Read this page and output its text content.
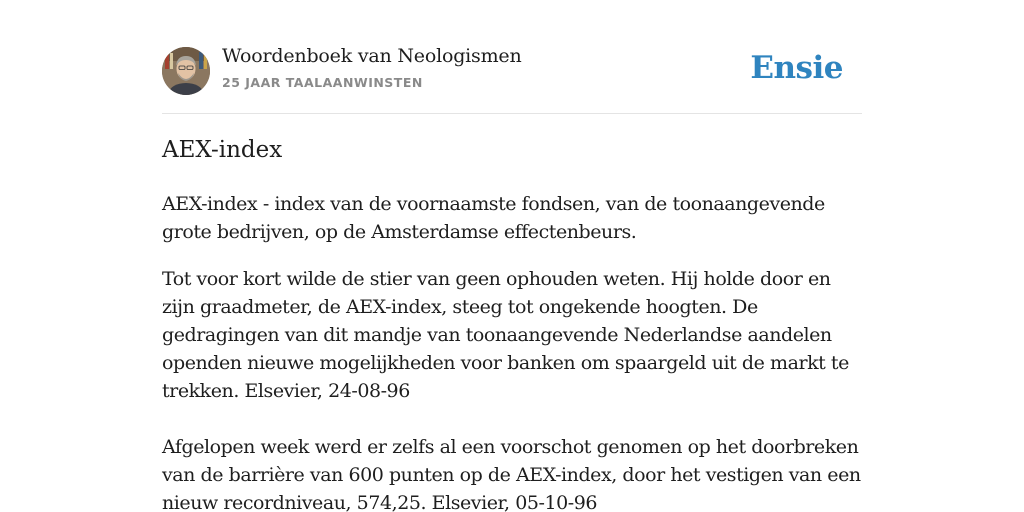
Woordenboek van Neologismen
25 JAAR TAALAANWINSTEN	Ensie
AEX-index

AEX-index - index van de voornaamste fondsen, van de toonaangevende grote bedrijven, op de Amsterdamse effectenbeurs.

Tot voor kort wilde de stier van geen ophouden weten. Hij holde door en zijn graadmeter, de AEX-index, steeg tot ongekende hoogten. De gedragingen van dit mandje van toonaangevende Nederlandse aandelen openden nieuwe mogelijkheden voor banken om spaargeld uit de markt te trekken. Elsevier, 24-08-96

Afgelopen week werd er zelfs al een voorschot genomen op het doorbreken van de barrière van 600 punten op de AEX-index, door het vestigen van een nieuw recordniveau, 574,25. Elsevier, 05-10-96
